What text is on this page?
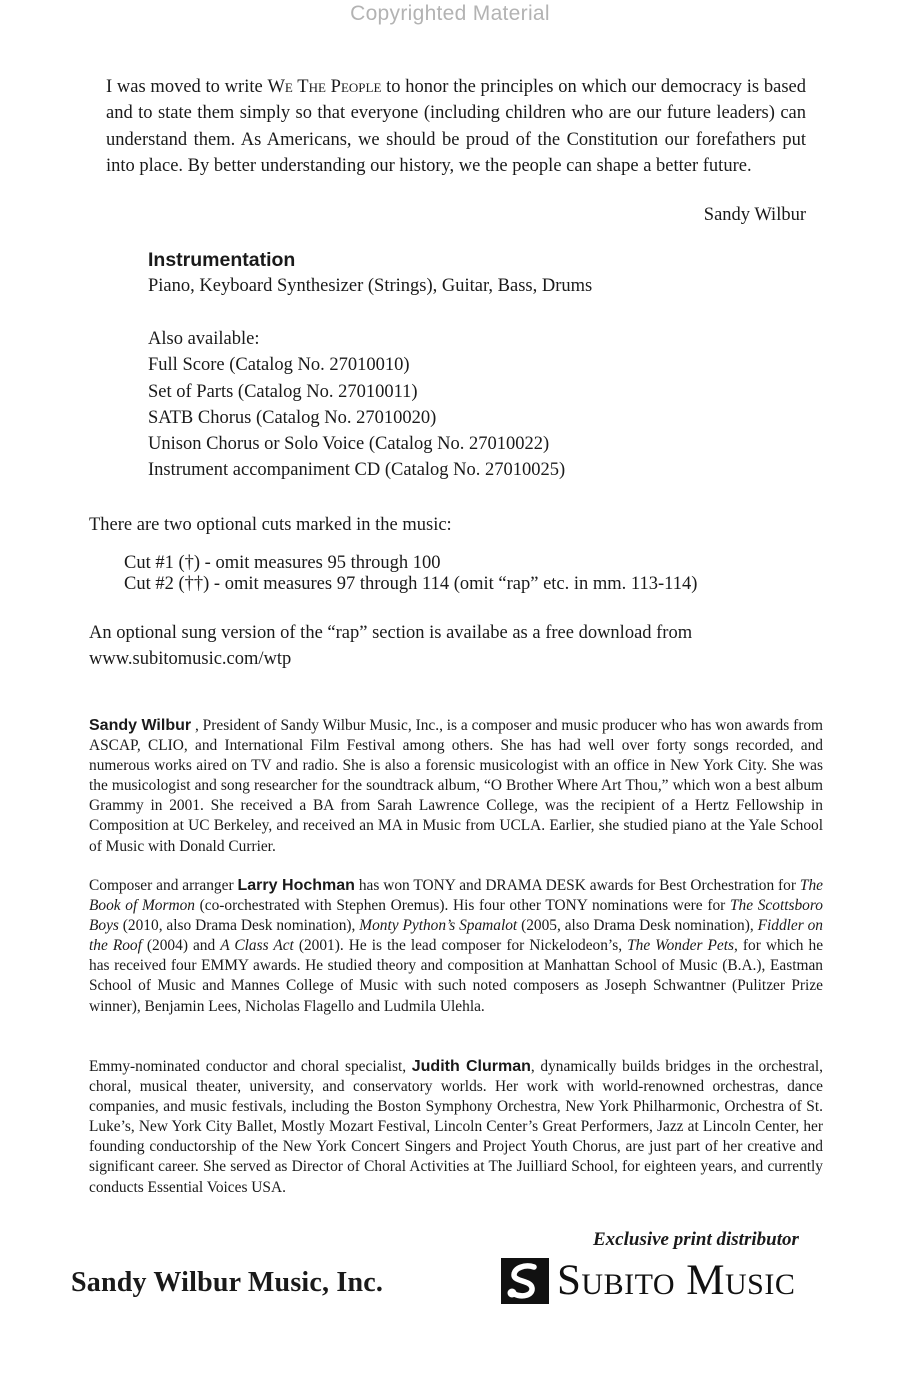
Copyrighted Material
I was moved to write We The People to honor the principles on which our democracy is based and to state them simply so that everyone (including children who are our future leaders) can understand them. As Americans, we should be proud of the Constitution our forefathers put into place. By better understanding our history, we the people can shape a better future.
Sandy Wilbur
Instrumentation
Piano, Keyboard Synthesizer (Strings), Guitar, Bass, Drums
Also available:
Full Score (Catalog No. 27010010)
Set of Parts (Catalog No. 27010011)
SATB Chorus (Catalog No. 27010020)
Unison Chorus or Solo Voice (Catalog No. 27010022)
Instrument accompaniment CD (Catalog No. 27010025)
There are two optional cuts marked in the music:
Cut #1 (†) - omit measures 95 through 100
Cut #2 (††) - omit measures 97 through 114 (omit “rap” etc. in mm. 113-114)
An optional sung version of the “rap” section is availabe as a free download from
www.subitomusic.com/wtp
Sandy Wilbur , President of Sandy Wilbur Music, Inc., is a composer and music producer who has won awards from ASCAP, CLIO, and International Film Festival among others. She has had well over forty songs recorded, and numerous works aired on TV and radio. She is also a forensic musicologist with an office in New York City. She was the musicologist and song researcher for the soundtrack album, “O Brother Where Art Thou,” which won a best album Grammy in 2001. She received a BA from Sarah Lawrence College, was the recipient of a Hertz Fellowship in Composition at UC Berkeley, and received an MA in Music from UCLA. Earlier, she studied piano at the Yale School of Music with Donald Currier.
Composer and arranger Larry Hochman has won TONY and DRAMA DESK awards for Best Orchestration for The Book of Mormon (co-orchestrated with Stephen Oremus). His four other TONY nominations were for The Scottsboro Boys (2010, also Drama Desk nomination), Monty Python’s Spamalot (2005, also Drama Desk nomination), Fiddler on the Roof (2004) and A Class Act (2001). He is the lead composer for Nickelodeon’s, The Wonder Pets, for which he has received four EMMY awards. He studied theory and composition at Manhattan School of Music (B.A.), Eastman School of Music and Mannes College of Music with such noted composers as Joseph Schwantner (Pulitzer Prize winner), Benjamin Lees, Nicholas Flagello and Ludmila Ulehla.
Emmy-nominated conductor and choral specialist, Judith Clurman, dynamically builds bridges in the orchestral, choral, musical theater, university, and conservatory worlds. Her work with world-renowned orchestras, dance companies, and music festivals, including the Boston Symphony Orchestra, New York Philharmonic, Orchestra of St. Luke’s, New York City Ballet, Mostly Mozart Festival, Lincoln Center’s Great Performers, Jazz at Lincoln Center, her founding conductorship of the New York Concert Singers and Project Youth Chorus, are just part of her creative and significant career. She served as Director of Choral Activities at The Juilliard School, for eighteen years, and currently conducts Essential Voices USA.
Sandy Wilbur Music, Inc.
Exclusive print distributor
Subito Music
